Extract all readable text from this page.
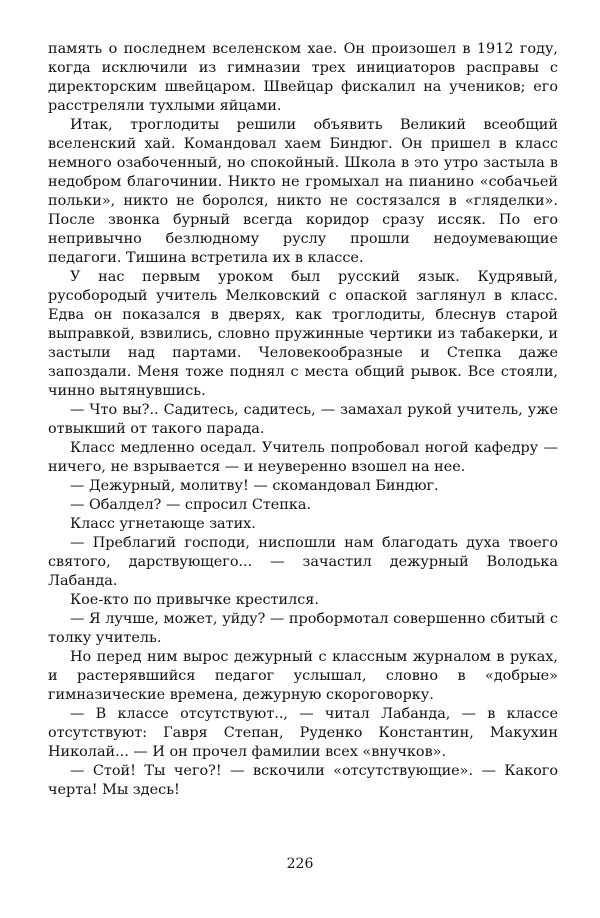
память о последнем вселенском хае. Он произошел в 1912 году, когда исключили из гимназии трех инициаторов расправы с директорским швейцаром. Швейцар фискалил на учеников; его расстреляли тухлыми яйцами.

Итак, троглодиты решили объявить Великий всеобщий вселенский хай. Командовал хаем Биндюг. Он пришел в класс немного озабоченный, но спокойный. Школа в это утро застыла в недобром благочинии. Никто не громыхал на пианино «собачьей польки», никто не боролся, никто не состязался в «гляделки». После звонка бурный всегда коридор сразу иссяк. По его непривычно безлюдному руслу прошли недоумевающие педагоги. Тишина встретила их в классе.

У нас первым уроком был русский язык. Кудрявый, русобородый учитель Мелковский с опаской заглянул в класс. Едва он показался в дверях, как троглодиты, блеснув старой выправкой, взвились, словно пружинные чертики из табакерки, и застыли над партами. Человекообразные и Степка даже запоздали. Меня тоже поднял с места общий рывок. Все стояли, чинно вытянувшись.

— Что вы?.. Садитесь, садитесь, — замахал рукой учитель, уже отвыкший от такого парада.

Класс медленно оседал. Учитель попробовал ногой кафедру — ничего, не взрывается — и неуверенно взошел на нее.

— Дежурный, молитву! — скомандовал Биндюг.

— Обалдел? — спросил Степка.

Класс угнетающе затих.

— Преблагий господи, ниспошли нам благодать духа твоего святого, дарствующего... — зачастил дежурный Володька Лабанда.

Кое-кто по привычке крестился.

— Я лучше, может, уйду? — пробормотал совершенно сбитый с толку учитель.

Но перед ним вырос дежурный с классным журналом в руках, и растерявшийся педагог услышал, словно в «добрые» гимназические времена, дежурную скороговорку.

— В классе отсутствуют.., — читал Лабанда, — в классе отсутствуют: Гавря Степан, Руденко Константин, Макухин Николай... — И он прочел фамилии всех «внучков».

— Стой! Ты чего?! — вскочили «отсутствующие». — Какого черта! Мы здесь!

226
